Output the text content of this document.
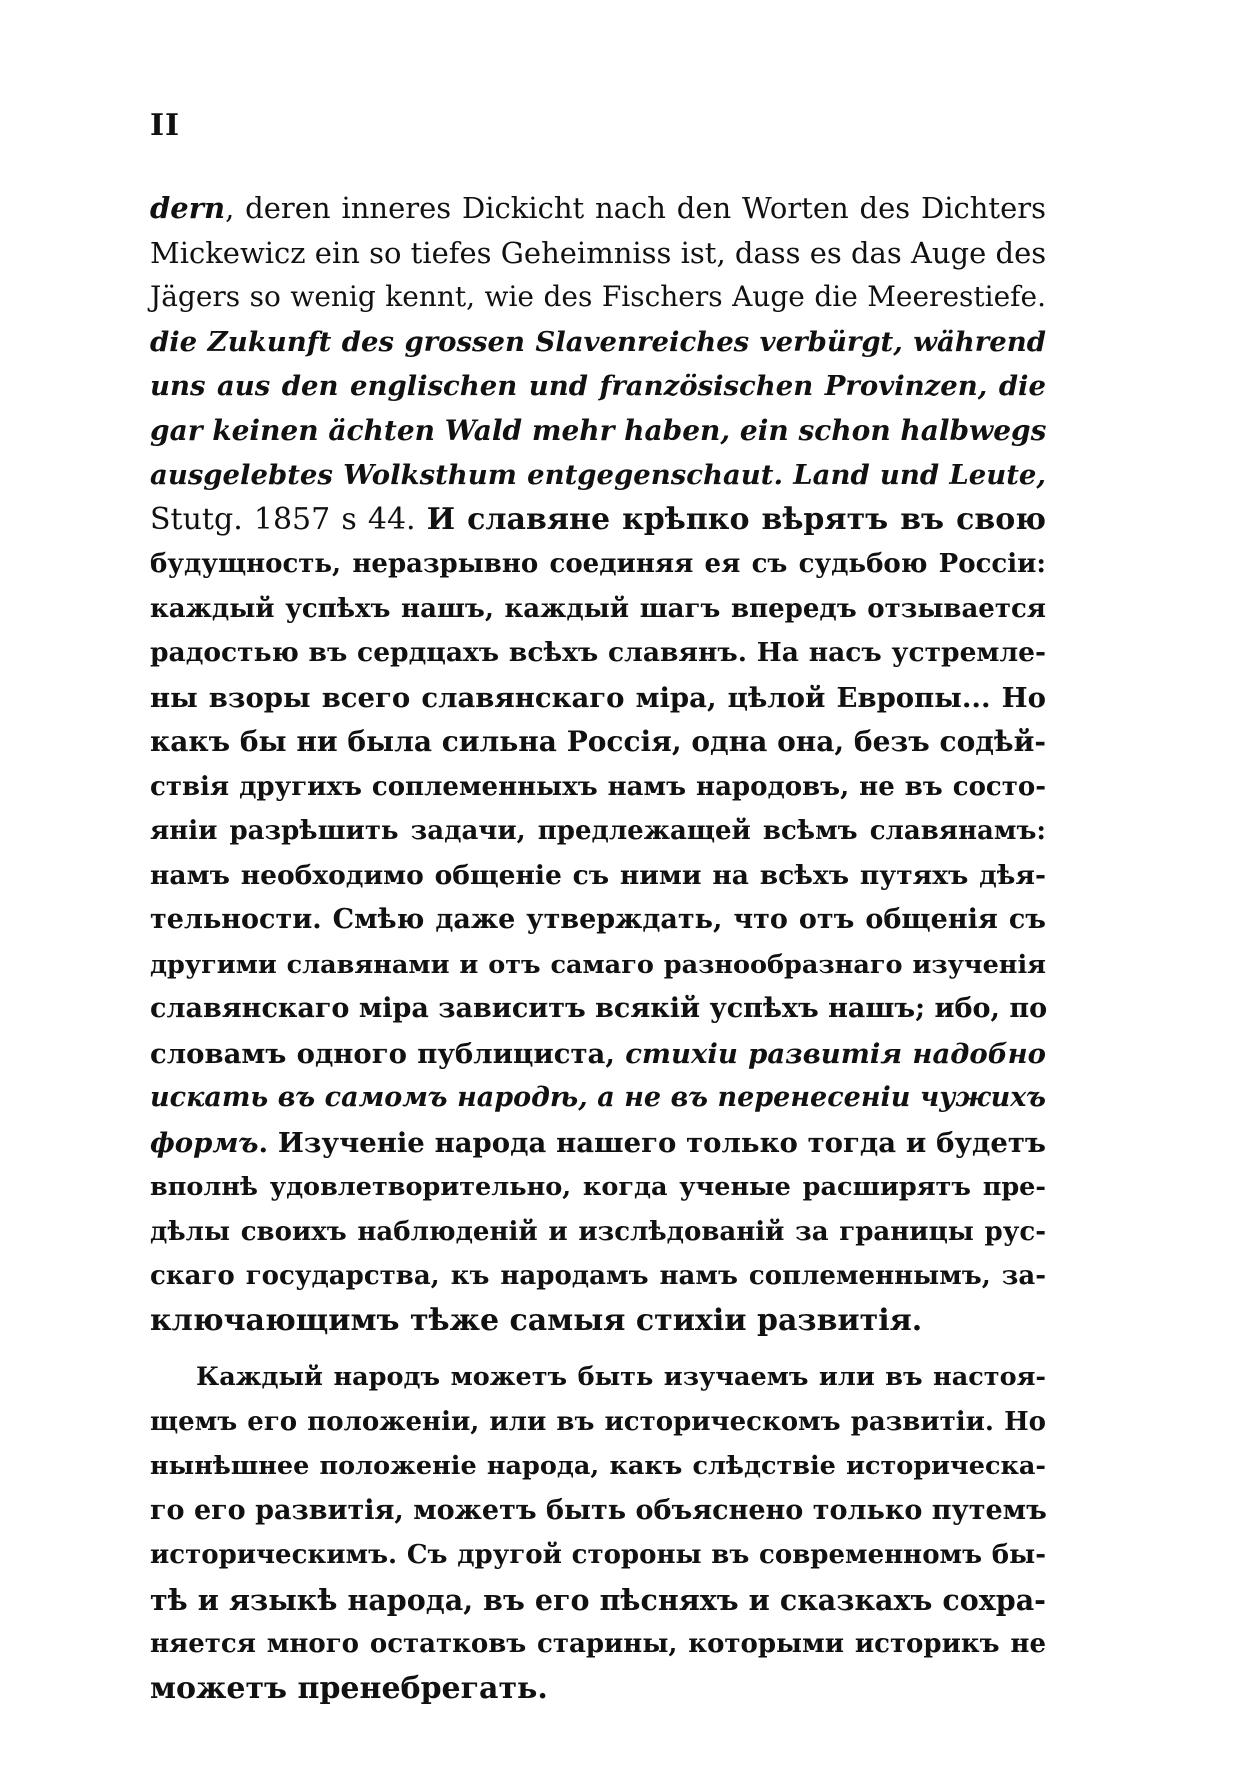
II
dern, deren inneres Dickicht nach den Worten des Dichters
Mickewicz ein so tiefes Geheimniss ist, dass es das Auge des
Jägers so wenig kennt, wie des Fischers Auge die Meerestiefe.
die Zukunft des grossen Slavenreiches verbürgt, während
uns aus den englischen und französischen Provinzen, die
gar keinen ächten Wald mehr haben, ein schon halbwegs
ausgelebtes Wolksthum entgegenschaut. Land und Leute,
Stutg. 1857 s 44. И славяне крѣпко вѣрятъ въ свою
будущность, неразрывно соединяя ея съ судьбою Россіи:
каждый успѣхъ нашъ, каждый шагъ впередъ отзывается
радостью въ сердцахъ всѣхъ славянъ. На насъ устремле-
ны взоры всего славянскаго міра, цѣлой Европы... Но
какъ бы ни была сильна Россія, одна она, безъ содѣй-
ствія другихъ соплеменныхъ намъ народовъ, не въ состо-
яніи разрѣшить задачи, предлежащей всѣмъ славянамъ:
намъ необходимо общеніе съ ними на всѣхъ путяхъ дѣя-
тельности. Смѣю даже утверждать, что отъ общенія съ
другими славянами и отъ самаго разнообразнаго изученія
славянскаго міра зависитъ всякій успѣхъ нашъ; ибо, по
словамъ одного публициста, стихіи развитія надобно
искать въ самомъ народѣ, а не въ перенесеніи чужихъ
формъ. Изученіе народа нашего только тогда и будетъ
вполнѣ удовлетворительно, когда ученые расширятъ пре-
дѣлы своихъ наблюденій и изслѣдованій за границы рус-
скаго государства, къ народамъ намъ соплеменнымъ, за-
ключающимъ тѣже самыя стихіи развитія.
Каждый народъ можетъ быть изучаемъ или въ настоя-
щемъ его положеніи, или въ историческомъ развитіи. Но
нынѣшнее положеніе народа, какъ слѣдствіе историческа-
го его развитія, можетъ быть объяснено только путемъ
историческимъ. Съ другой стороны въ современномъ бы-
тѣ и языкѣ народа, въ его пѣсняхъ и сказкахъ сохра-
няется много остатковъ старины, которыми историкъ не
можетъ пренебрегать.
